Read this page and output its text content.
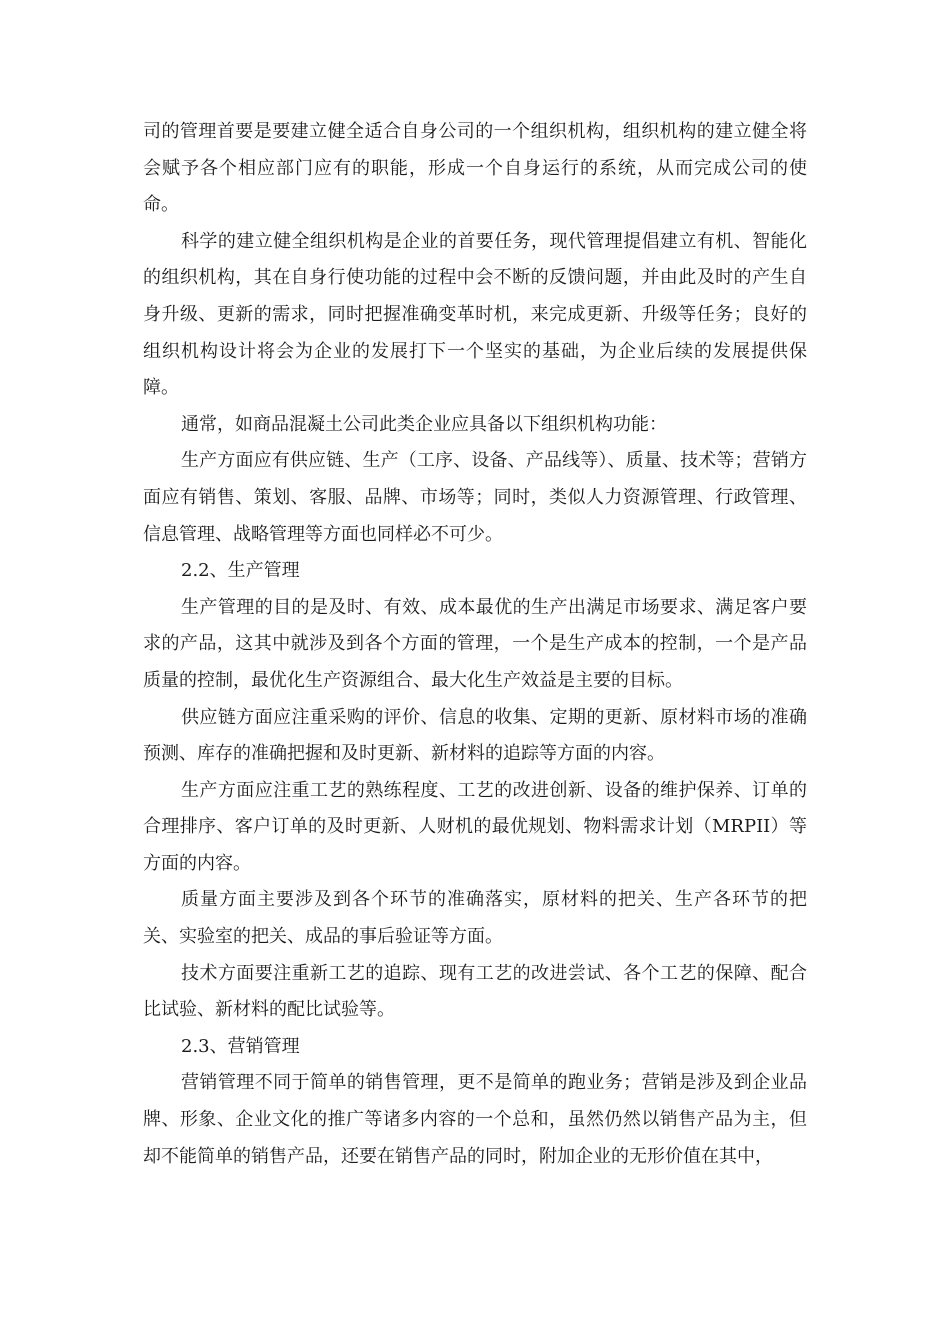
司的管理首要是要建立健全适合自身公司的一个组织机构，组织机构的建立健全将会赋予各个相应部门应有的职能，形成一个自身运行的系统，从而完成公司的使命。

科学的建立健全组织机构是企业的首要任务，现代管理提倡建立有机、智能化的组织机构，其在自身行使功能的过程中会不断的反馈问题，并由此及时的产生自身升级、更新的需求，同时把握准确变革时机，来完成更新、升级等任务；良好的组织机构设计将会为企业的发展打下一个坚实的基础，为企业后续的发展提供保障。

通常，如商品混凝土公司此类企业应具备以下组织机构功能：

生产方面应有供应链、生产（工序、设备、产品线等）、质量、技术等；营销方面应有销售、策划、客服、品牌、市场等；同时，类似人力资源管理、行政管理、信息管理、战略管理等方面也同样必不可少。

2.2、生产管理

生产管理的目的是及时、有效、成本最优的生产出满足市场要求、满足客户要求的产品，这其中就涉及到各个方面的管理，一个是生产成本的控制，一个是产品质量的控制，最优化生产资源组合、最大化生产效益是主要的目标。

供应链方面应注重采购的评价、信息的收集、定期的更新、原材料市场的准确预测、库存的准确把握和及时更新、新材料的追踪等方面的内容。

生产方面应注重工艺的熟练程度、工艺的改进创新、设备的维护保养、订单的合理排序、客户订单的及时更新、人财机的最优规划、物料需求计划（MRPII）等方面的内容。

质量方面主要涉及到各个环节的准确落实，原材料的把关、生产各环节的把关、实验室的把关、成品的事后验证等方面。

技术方面要注重新工艺的追踪、现有工艺的改进尝试、各个工艺的保障、配合比试验、新材料的配比试验等。

2.3、营销管理

营销管理不同于简单的销售管理，更不是简单的跑业务；营销是涉及到企业品牌、形象、企业文化的推广等诸多内容的一个总和，虽然仍然以销售产品为主，但却不能简单的销售产品，还要在销售产品的同时，附加企业的无形价值在其中，
